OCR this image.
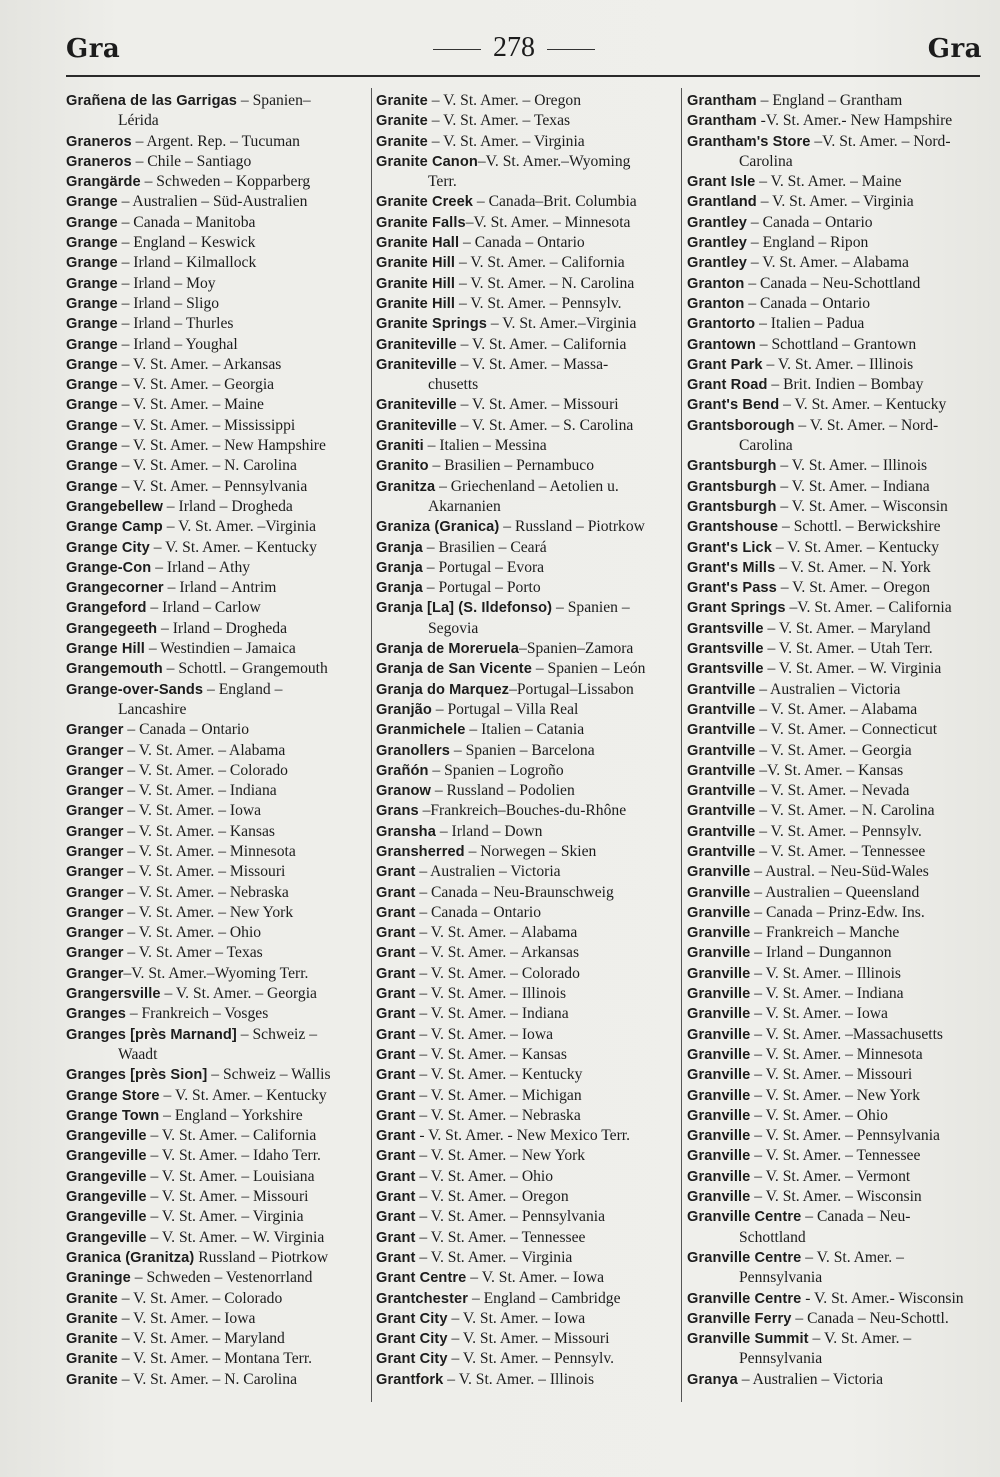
Gra	278	Gra
Grañena de las Garrigas – Spanien–
Lérida
Graneros – Argent. Rep. – Tucuman
Graneros – Chile – Santiago
Grangärde – Schweden – Kopparberg
Grange – Australien – Süd-Australien
Grange – Canada – Manitoba
Grange – England – Keswick
Grange – Irland – Kilmallock
Grange – Irland – Moy
Grange – Irland – Sligo
Grange – Irland – Thurles
Grange – Irland – Youghal
Grange – V. St. Amer. – Arkansas
Grange – V. St. Amer. – Georgia
Grange – V. St. Amer. – Maine
Grange – V. St. Amer. – Mississippi
Grange – V. St. Amer. – New Hampshire
Grange – V. St. Amer. – N. Carolina
Grange – V. St. Amer. – Pennsylvania
Grangebellew – Irland – Drogheda
Grange Camp – V. St. Amer. –Virginia
Grange City – V. St. Amer. – Kentucky
Grange-Con – Irland – Athy
Grangecorner – Irland – Antrim
Grangeford – Irland – Carlow
Grangegeeth – Irland – Drogheda
Grange Hill – Westindien – Jamaica
Grangemouth – Schottl. – Grangemouth
Grange-over-Sands – England –
Lancashire
Granger – Canada – Ontario
Granger – V. St. Amer. – Alabama
Granger – V. St. Amer. – Colorado
Granger – V. St. Amer. – Indiana
Granger – V. St. Amer. – Iowa
Granger – V. St. Amer. – Kansas
Granger – V. St. Amer. – Minnesota
Granger – V. St. Amer. – Missouri
Granger – V. St. Amer. – Nebraska
Granger – V. St. Amer. – New York
Granger – V. St. Amer. – Ohio
Granger – V. St. Amer – Texas
Granger–V. St. Amer.–Wyoming Terr.
Grangersville – V. St. Amer. – Georgia
Granges – Frankreich – Vosges
Granges [près Marnand] – Schweiz –
Waadt
Granges [près Sion] – Schweiz – Wallis
Grange Store – V. St. Amer. – Kentucky
Grange Town – England – Yorkshire
Grangeville – V. St. Amer. – California
Grangeville – V. St. Amer. – Idaho Terr.
Grangeville – V. St. Amer. – Louisiana
Grangeville – V. St. Amer. – Missouri
Grangeville – V. St. Amer. – Virginia
Grangeville – V. St. Amer. – W. Virginia
Granica (Granitza) Russland – Piotrkow
Graninge – Schweden – Vestenorrland
Granite – V. St. Amer. – Colorado
Granite – V. St. Amer. – Iowa
Granite – V. St. Amer. – Maryland
Granite – V. St. Amer. – Montana Terr.
Granite – V. St. Amer. – N. Carolina
Granite – V. St. Amer. – Oregon
Granite – V. St. Amer. – Texas
Granite – V. St. Amer. – Virginia
Granite Canon–V. St. Amer.–Wyoming
Terr.
Granite Creek – Canada–Brit. Columbia
Granite Falls–V. St. Amer. – Minnesota
Granite Hall – Canada – Ontario
Granite Hill – V. St. Amer. – California
Granite Hill – V. St. Amer. – N. Carolina
Granite Hill – V. St. Amer. – Pennsylv.
Granite Springs – V. St. Amer.–Virginia
Graniteville – V. St. Amer. – California
Graniteville – V. St. Amer. – Massa-
chusetts
Graniteville – V. St. Amer. – Missouri
Graniteville – V. St. Amer. – S. Carolina
Graniti – Italien – Messina
Granito – Brasilien – Pernambuco
Granitza – Griechenland – Aetolien u.
Akarnanien
Graniza (Granica) – Russland – Piotrkow
Granja – Brasilien – Ceará
Granja – Portugal – Evora
Granja – Portugal – Porto
Granja [La] (S. Ildefonso) – Spanien –
Segovia
Granja de Moreruela–Spanien–Zamora
Granja de San Vicente – Spanien – León
Granja do Marquez–Portugal–Lissabon
Granjão – Portugal – Villa Real
Granmichele – Italien – Catania
Granollers – Spanien – Barcelona
Grañón – Spanien – Logroño
Granow – Russland – Podolien
Grans –Frankreich–Bouches-du-Rhône
Gransha – Irland – Down
Gransherred – Norwegen – Skien
Grant – Australien – Victoria
Grant – Canada – Neu-Braunschweig
Grant – Canada – Ontario
Grant – V. St. Amer. – Alabama
Grant – V. St. Amer. – Arkansas
Grant – V. St. Amer. – Colorado
Grant – V. St. Amer. – Illinois
Grant – V. St. Amer. – Indiana
Grant – V. St. Amer. – Iowa
Grant – V. St. Amer. – Kansas
Grant – V. St. Amer. – Kentucky
Grant – V. St. Amer. – Michigan
Grant – V. St. Amer. – Nebraska
Grant - V. St. Amer. - New Mexico Terr.
Grant – V. St. Amer. – New York
Grant – V. St. Amer. – Ohio
Grant – V. St. Amer. – Oregon
Grant – V. St. Amer. – Pennsylvania
Grant – V. St. Amer. – Tennessee
Grant – V. St. Amer. – Virginia
Grant Centre – V. St. Amer. – Iowa
Grantchester – England – Cambridge
Grant City – V. St. Amer. – Iowa
Grant City – V. St. Amer. – Missouri
Grant City – V. St. Amer. – Pennsylv.
Grantfork – V. St. Amer. – Illinois
Grantham – England – Grantham
Grantham -V. St. Amer.- New Hampshire
Grantham's Store –V. St. Amer. – Nord-
Carolina
Grant Isle – V. St. Amer. – Maine
Grantland – V. St. Amer. – Virginia
Grantley – Canada – Ontario
Grantley – England – Ripon
Grantley – V. St. Amer. – Alabama
Granton – Canada – Neu-Schottland
Granton – Canada – Ontario
Grantorto – Italien – Padua
Grantown – Schottland – Grantown
Grant Park – V. St. Amer. – Illinois
Grant Road – Brit. Indien – Bombay
Grant's Bend – V. St. Amer. – Kentucky
Grantsborough – V. St. Amer. – Nord-
Carolina
Grantsburgh – V. St. Amer. – Illinois
Grantsburgh – V. St. Amer. – Indiana
Grantsburgh – V. St. Amer. – Wisconsin
Grantshouse – Schottl. – Berwickshire
Grant's Lick – V. St. Amer. – Kentucky
Grant's Mills – V. St. Amer. – N. York
Grant's Pass – V. St. Amer. – Oregon
Grant Springs –V. St. Amer. – California
Grantsville – V. St. Amer. – Maryland
Grantsville – V. St. Amer. – Utah Terr.
Grantsville – V. St. Amer. – W. Virginia
Grantville – Australien – Victoria
Grantville – V. St. Amer. – Alabama
Grantville – V. St. Amer. – Connecticut
Grantville – V. St. Amer. – Georgia
Grantville –V. St. Amer. – Kansas
Grantville – V. St. Amer. – Nevada
Grantville – V. St. Amer. – N. Carolina
Grantville – V. St. Amer. – Pennsylv.
Grantville – V. St. Amer. – Tennessee
Granville – Austral. – Neu-Süd-Wales
Granville – Australien – Queensland
Granville – Canada – Prinz-Edw. Ins.
Granville – Frankreich – Manche
Granville – Irland – Dungannon
Granville – V. St. Amer. – Illinois
Granville – V. St. Amer. – Indiana
Granville – V. St. Amer. – Iowa
Granville – V. St. Amer. –Massachusetts
Granville – V. St. Amer. – Minnesota
Granville – V. St. Amer. – Missouri
Granville – V. St. Amer. – New York
Granville – V. St. Amer. – Ohio
Granville – V. St. Amer. – Pennsylvania
Granville – V. St. Amer. – Tennessee
Granville – V. St. Amer. – Vermont
Granville – V. St. Amer. – Wisconsin
Granville Centre – Canada – Neu-
Schottland
Granville Centre – V. St. Amer. –
Pennsylvania
Granville Centre - V. St. Amer.- Wisconsin
Granville Ferry – Canada – Neu-Schottl.
Granville Summit – V. St. Amer. –
Pennsylvania
Granya – Australien – Victoria
